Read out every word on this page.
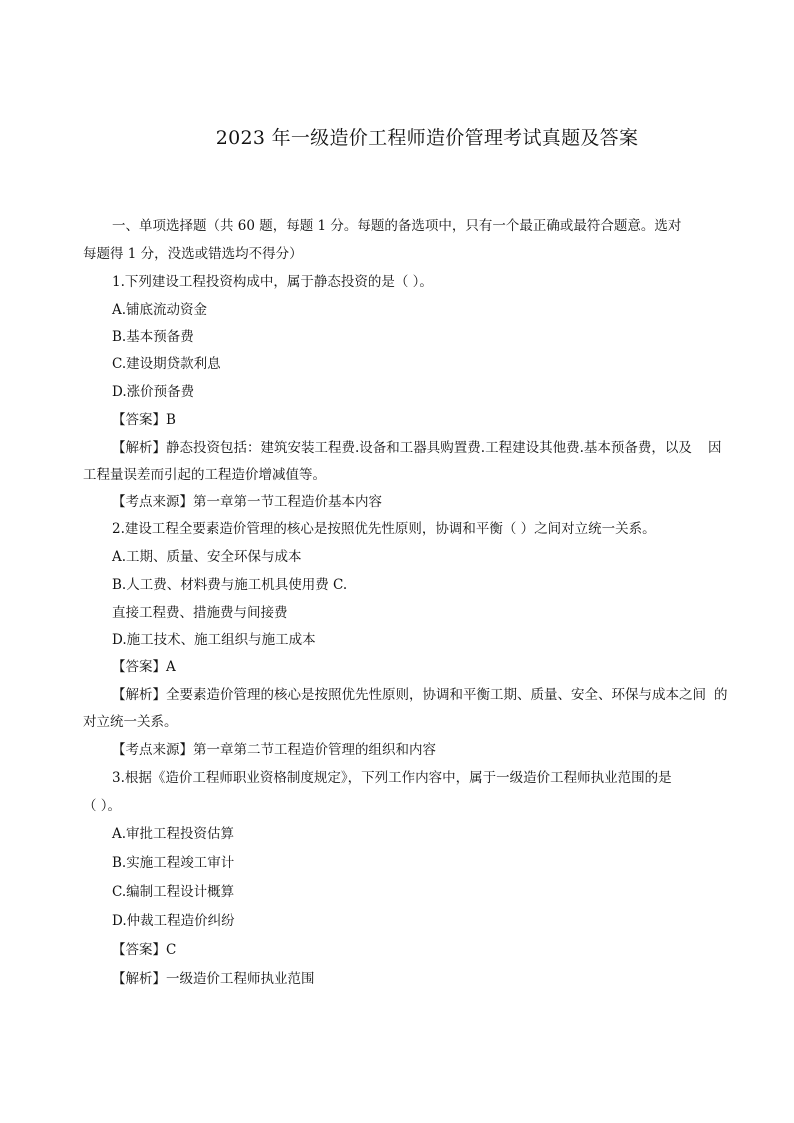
2023 年一级造价工程师造价管理考试真题及答案
一、单项选择题（共 60 题，每题 1 分。每题的备选项中，只有一个最正确或最符合题意。选对
每题得 1 分，没选或错选均不得分）
1.下列建设工程投资构成中，属于静态投资的是（ ）。
A.铺底流动资金
B.基本预备费
C.建设期贷款利息
D.涨价预备费
【答案】B
【解析】静态投资包括：建筑安装工程费.设备和工器具购置费.工程建设其他费.基本预备费，以及 因
工程量误差而引起的工程造价增减值等。
【考点来源】第一章第一节工程造价基本内容
2.建设工程全要素造价管理的核心是按照优先性原则，协调和平衡（ ）之间对立统一关系。
A.工期、质量、安全环保与成本
B.人工费、材料费与施工机具使用费 C.
直接工程费、措施费与间接费
D.施工技术、施工组织与施工成本
【答案】A
【解析】全要素造价管理的核心是按照优先性原则，协调和平衡工期、质量、安全、环保与成本之间 的
对立统一关系。
【考点来源】第一章第二节工程造价管理的组织和内容
3.根据《造价工程师职业资格制度规定》，下列工作内容中，属于一级造价工程师执业范围的是
（ ）。
A.审批工程投资估算
B.实施工程竣工审计
C.编制工程设计概算
D.仲裁工程造价纠纷
【答案】C
【解析】一级造价工程师执业范围
